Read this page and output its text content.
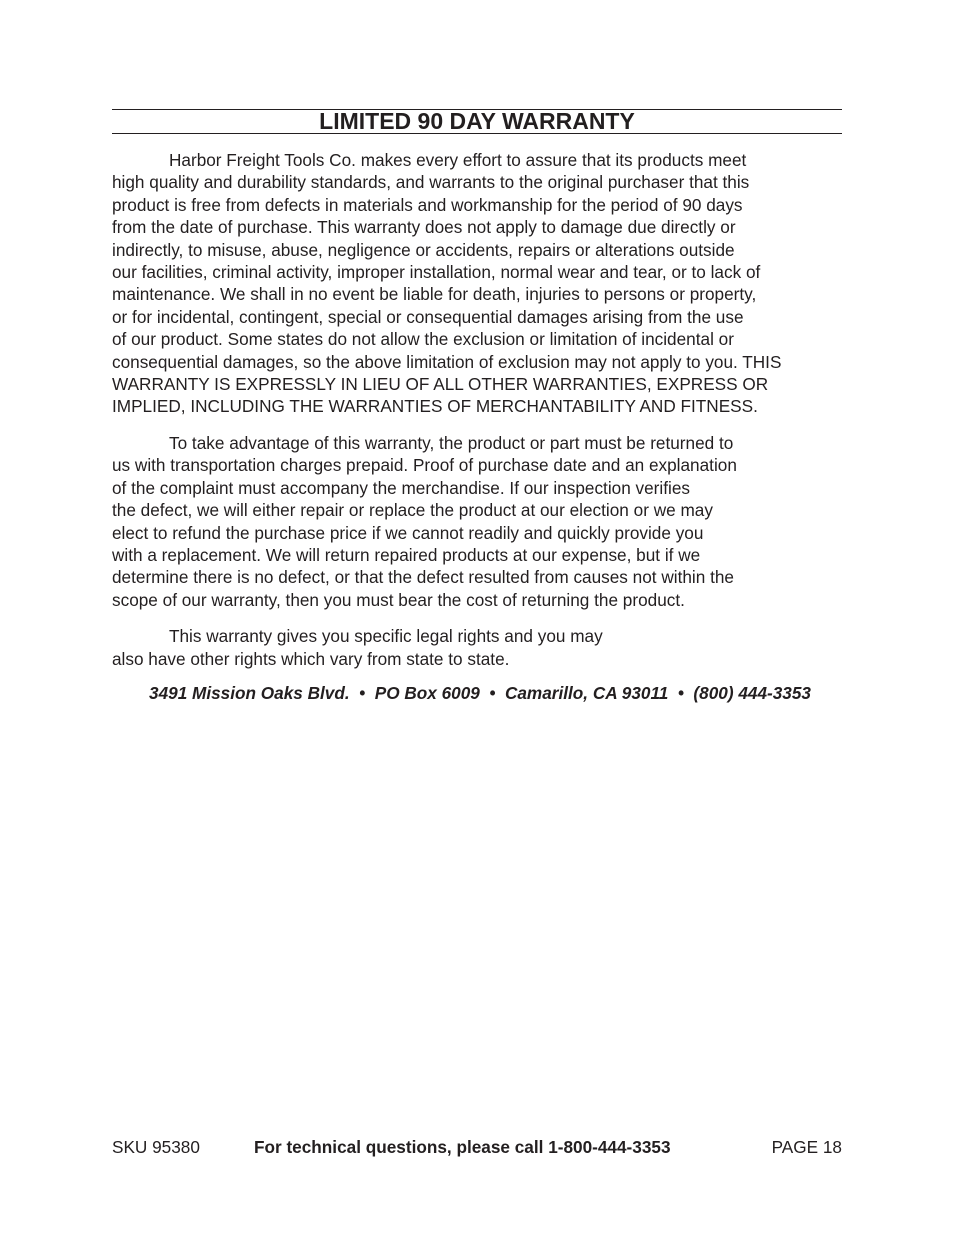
LIMITED 90 DAY WARRANTY

Harbor Freight Tools Co. makes every effort to assure that its products meet
high quality and durability standards, and warrants to the original purchaser that this
product is free from defects in materials and workmanship for the period of 90 days
from the date of purchase. This warranty does not apply to damage due directly or
indirectly, to misuse, abuse, negligence or accidents, repairs or alterations outside
our facilities, criminal activity, improper installation, normal wear and tear, or to lack of
maintenance. We shall in no event be liable for death, injuries to persons or property,
or for incidental, contingent, special or consequential damages arising from the use
of our product. Some states do not allow the exclusion or limitation of incidental or
consequential damages, so the above limitation of exclusion may not apply to you. THIS
WARRANTY IS EXPRESSLY IN LIEU OF ALL OTHER WARRANTIES, EXPRESS OR
IMPLIED, INCLUDING THE WARRANTIES OF MERCHANTABILITY AND FITNESS.

To take advantage of this warranty, the product or part must be returned to
us with transportation charges prepaid. Proof of purchase date and an explanation
of the complaint must accompany the merchandise. If our inspection verifies
the defect, we will either repair or replace the product at our election or we may
elect to refund the purchase price if we cannot readily and quickly provide you
with a replacement. We will return repaired products at our expense, but if we
determine there is no defect, or that the defect resulted from causes not within the
scope of our warranty, then you must bear the cost of returning the product.

This warranty gives you specific legal rights and you may
also have other rights which vary from state to state.

3491 Mission Oaks Blvd.  •  PO Box 6009  •  Camarillo, CA 93011  •  (800) 444-3353
SKU 95380	For technical questions, please call 1-800-444-3353	PAGE 18
